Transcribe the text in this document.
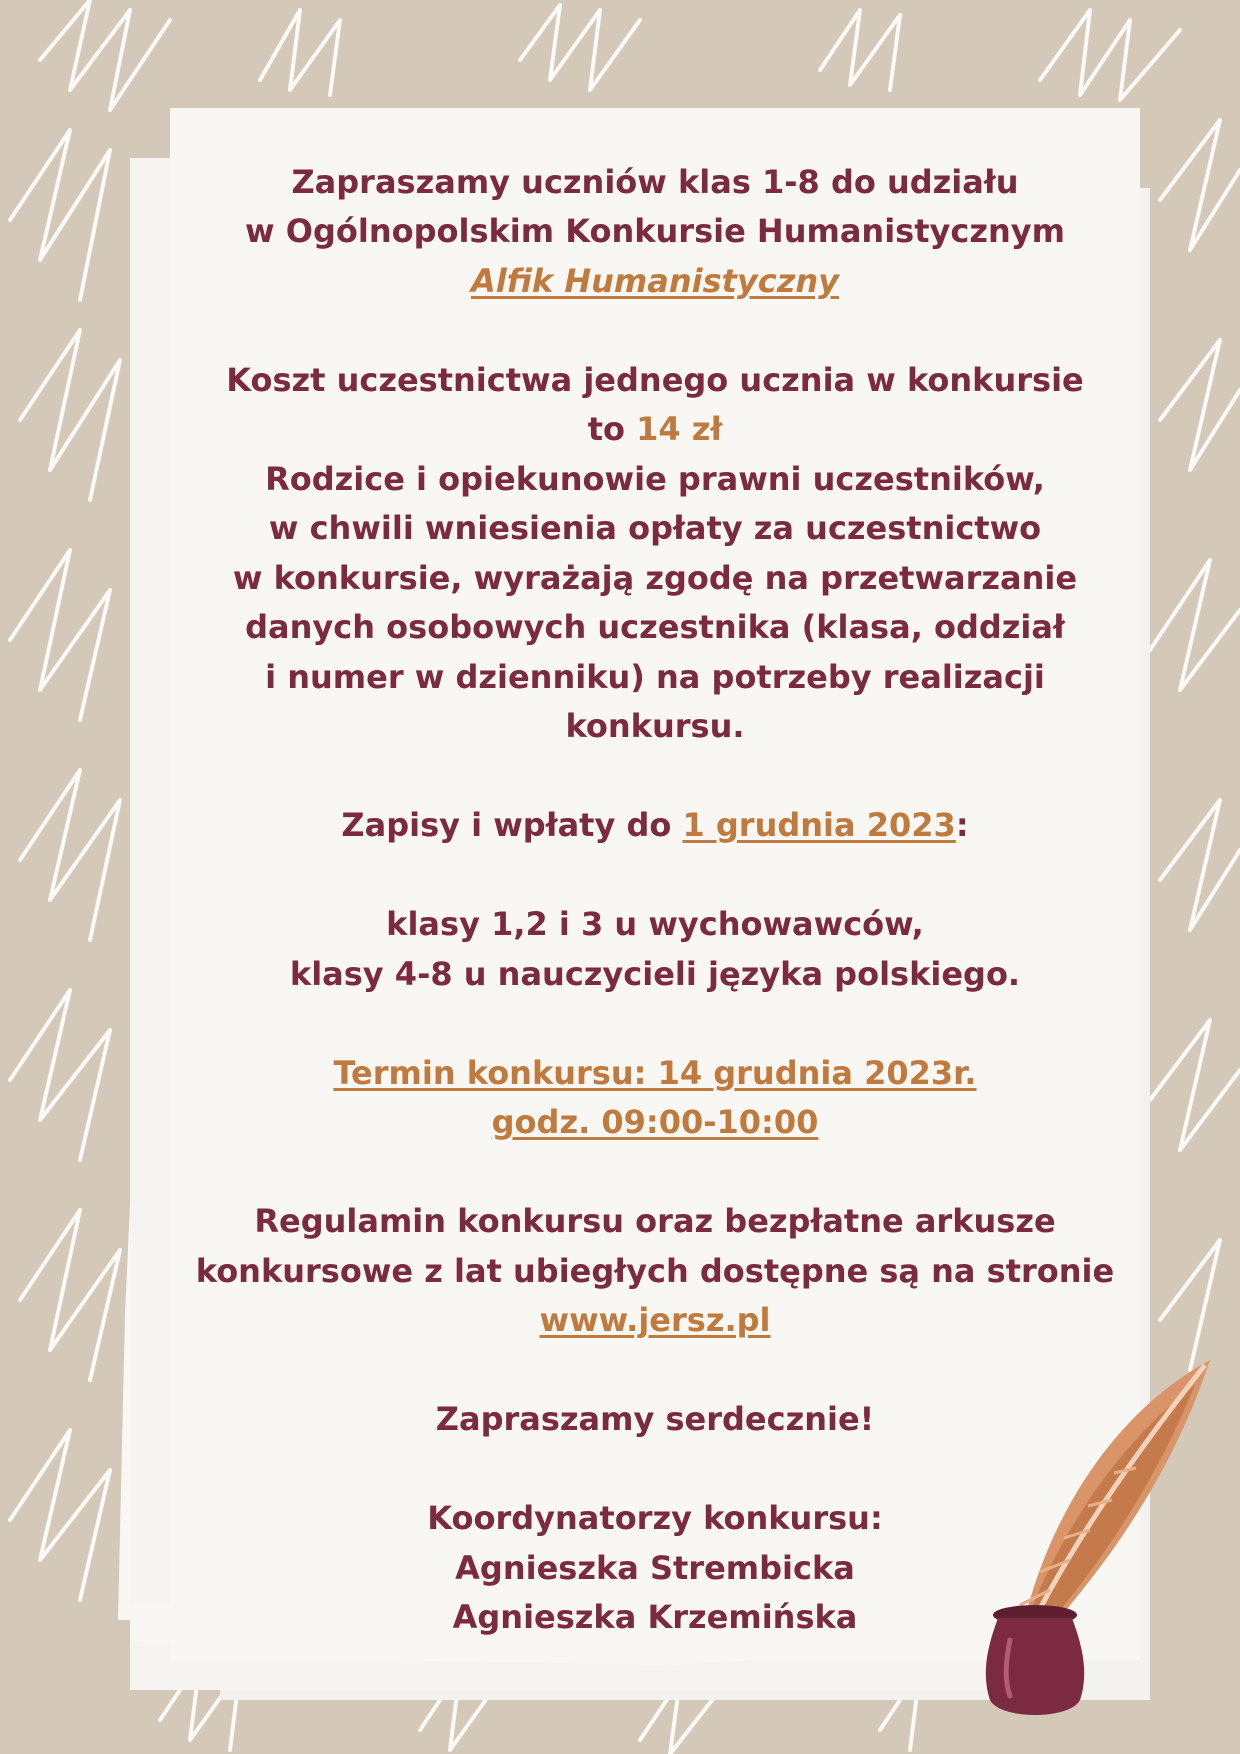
Zapraszamy uczniów klas 1-8 do udziału

w Ogólnopolskim Konkursie Humanistycznym

Alfik Humanistyczny

Koszt uczestnictwa jednego ucznia w konkursie

to 14 zł

Rodzice i opiekunowie prawni uczestników,

w chwili wniesienia opłaty za uczestnictwo

w konkursie, wyrażają zgodę na przetwarzanie

danych osobowych uczestnika (klasa, oddział

i numer w dzienniku) na potrzeby realizacji

konkursu.

Zapisy i wpłaty do 1 grudnia 2023:

klasy 1,2 i 3 u wychowawców,

klasy 4-8 u nauczycieli języka polskiego.

Termin konkursu: 14 grudnia 2023r.

godz. 09:00-10:00

Regulamin konkursu oraz bezpłatne arkusze

konkursowe z lat ubiegłych dostępne są na stronie

www.jersz.pl

Zapraszamy serdecznie!

Koordynatorzy konkursu:

Agnieszka Strembicka

Agnieszka Krzemińska
